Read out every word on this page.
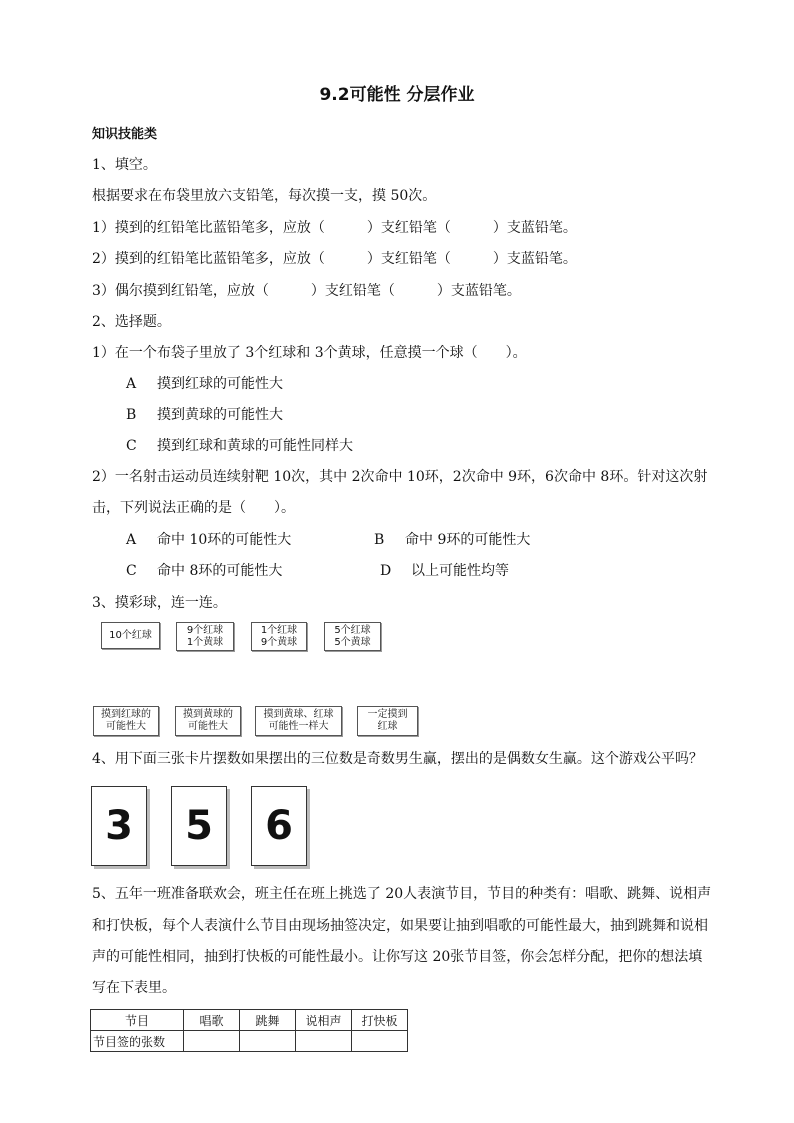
9.2可能性 分层作业
知识技能类
1、填空。
根据要求在布袋里放六支铅笔，每次摸一支，摸 50次。
1）摸到的红铅笔比蓝铅笔多，应放（　　　）支红铅笔（　　　）支蓝铅笔。
2）摸到的红铅笔比蓝铅笔多，应放（　　　）支红铅笔（　　　）支蓝铅笔。
3）偶尔摸到红铅笔，应放（　　　）支红铅笔（　　　）支蓝铅笔。
2、选择题。
1）在一个布袋子里放了 3个红球和 3个黄球，任意摸一个球（　　）。
A 摸到红球的可能性大
B 摸到黄球的可能性大
C 摸到红球和黄球的可能性同样大
2）一名射击运动员连续射靶 10次，其中 2次命中 10环，2次命中 9环，6次命中 8环。针对这次射
击，下列说法正确的是（　　）。
A 命中 10环的可能性大	B 命中 9环的可能性大
C 命中 8环的可能性大	D 以上可能性均等
3、摸彩球，连一连。
10个红球	9个红球
1个黄球
1个红球
9个黄球
5个红球
5个黄球
摸到红球的
可能性大
摸到黄球的
可能性大
摸到黄球、红球
可能性一样大
一定摸到
红球
4、用下面三张卡片摆数如果摆出的三位数是奇数男生赢，摆出的是偶数女生赢。这个游戏公平吗？
3	5	6
5、五年一班准备联欢会，班主任在班上挑选了 20人表演节目，节目的种类有：唱歌、跳舞、说相声
和打快板，每个人表演什么节目由现场抽签决定，如果要让抽到唱歌的可能性最大，抽到跳舞和说相
声的可能性相同，抽到打快板的可能性最小。让你写这 20张节目签，你会怎样分配，把你的想法填
写在下表里。
节目	唱歌	跳舞	说相声	打快板
节目签的张数				
